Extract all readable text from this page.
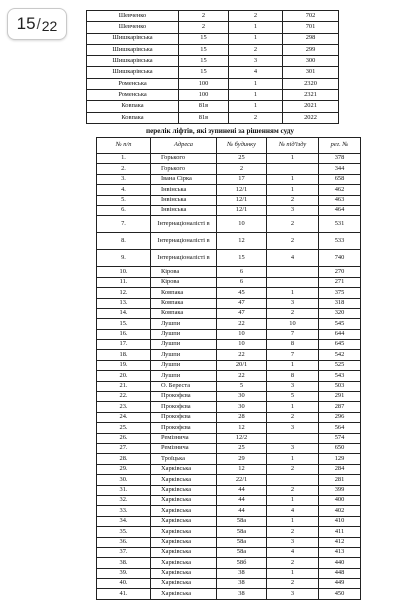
15 / 22
Шевченко	2	2	702
Шевченко	2	1	701
Шишкарівська	15	1	298
Шишкарівська	15	2	299
Шишкарівська	15	3	300
Шишкарівська	15	4	301
Роменська	100	1	2320
Роменська	100	1	2321
Ковпака	81в	1	2021
Ковпака	81в	2	2022
перелік ліфтів, які зупинені за рішенням суду
№ п/п	Адреса	№ будинку	№ під'їзду	рег. №
1.	Горького	25	1	378
2.	Горького	2		344
3.	Івана Сірка	17	1	658
4.	Інвінська	12/1	1	462
5.	Інвінська	12/1	2	463
6.	Інвінська	12/1	3	464
7.	Інтернаціоналісті в	10	2	531
8.	Інтернаціоналісті в	12	2	533
9.	Інтернаціоналісті в	15	4	740
10.	Кірова	6		270
11.	Кірова	6		271
12.	Ковпака	45	1	375
13.	Ковпака	47	3	318
14.	Ковпака	47	2	320
15.	Лушпи	22	10	545
16.	Лушпи	10	7	644
17.	Лушпи	10	8	645
18.	Лушпи	22	7	542
19.	Лушпи	20/1	1	525
20.	Лушпи	22	8	543
21.	О. Береста	5	3	503
22.	Прокофєва	30	5	291
23.	Прокофєва	30	1	287
24.	Прокофєва	28	2	296
25.	Прокофєва	12	3	564
26.	Ремізнича	12/2		574
27.	Ремізнича	25	3	650
28.	Троїцька	29	1	129
29.	Харківська	12	2	284
30.	Харківська	22/1		281
31.	Харківська	44	2	399
32.	Харківська	44	1	400
33.	Харківська	44	4	402
34.	Харківська	58а	1	410
35.	Харківська	58а	2	411
36.	Харківська	58а	3	412
37.	Харківська	58а	4	413
38.	Харківська	58б	2	440
39.	Харківська	38	1	448
40.	Харківська	38	2	449
41.	Харківська	38	3	450
